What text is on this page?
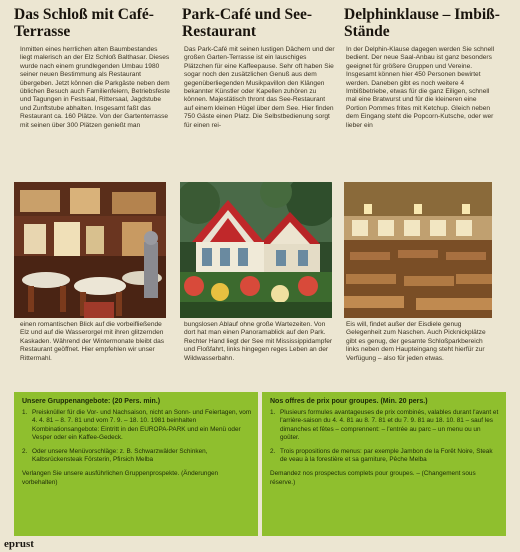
Das Schloß mit Café-Terrasse
Park-Café und See-Restaurant
Delphinklause – Imbiß-Stände
Inmitten eines herrlichen alten Baumbestandes liegt malerisch an der Elz Schloß Balthasar. Dieses wurde nach einem grundlegenden Umbau 1980 seiner neuen Bestimmung als Restaurant übergeben. Jetzt können die Parkgäste neben dem üblichen Besuch auch Familienfeiern, Betriebsfeste und Tagungen in Festsaal, Rittersaal, Jagdstube und Zunftstube abhalten. Insgesamt faßt das Restaurant ca. 160 Plätze. Von der Gartenterrasse mit seinen über 300 Plätzen genießt man
Das Park-Café mit seinen lustigen Dächern und der großen Garten-Terrasse ist ein lauschiges Plätzchen für eine Kaffeepause. Sehr oft haben Sie sogar noch den zusätzlichen Genuß aus dem gegenüberliegenden Musikpavillon den Klängen bekannter Künstler oder Kapellen zuhören zu können. Majestätisch thront das See-Restaurant auf einem kleinen Hügel über dem See. Hier finden 750 Gäste einen Platz. Die Selbstbedienung sorgt für einen rei-
In der Delphin-Klause dagegen werden Sie schnell bedient. Der neue Saal-Anbau ist ganz besonders geeignet für größere Gruppen und Vereine. Insgesamt können hier 450 Personen bewirtet werden. Daneben gibt es noch weitere 4 Imbißbetriebe, etwas für die ganz Eiligen, schnell mal eine Bratwurst und für die kleineren eine Portion Pommes frites mit Ketchup. Gleich neben dem Eingang steht die Popcorn-Kutsche, oder wer lieber ein
einen romantischen Blick auf die vorbeifließende Elz und auf die Wasserorgel mit ihren glitzernden Kaskaden. Während der Wintermonate bleibt das Restaurant geöffnet. Hier empfehlen wir unser Rittermahl.
bungslosen Ablauf ohne große Wartezeiten. Von dort hat man einen Panoramablick auf den Park. Rechter Hand liegt der See mit Mississippidampfer und Floßfahrt, links hingegen reges Leben an der Wildwasserbahn.
Eis will, findet außer der Eisdiele genug Gelegenheit zum Naschen. Auch Picknickplätze gibt es genug, der gesamte Schloßparkbereich links neben dem Haupteingang steht hierfür zur Verfügung – also für jeden etwas.
Unsere Gruppenangebote: (20 Pers. min.)
1. Preisknüller für die Vor- und Nachsaison, nicht an Sonn- und Feiertagen, vom 4. 4. 81 – 8. 7. 81 und vom 7. 9. – 18. 10. 1981 beinhalten Kombinationsangebote: Eintritt in den EUROPA-PARK und ein Menü oder Vesper oder ein Kaffee-Gedeck.
2. Oder unsere Menüvorschläge: z. B. Schwarzwälder Schinken, Kalbsrückensteak Försterin, Pfirsich Melba
Verlangen Sie unsere ausführlichen Gruppenprospekte. (Änderungen vorbehalten)
Nos offres de prix pour groupes. (Min. 20 pers.)
1. Plusieurs formules avantageuses de prix combinés, valables durant l'avant et l'arrière-saison du 4. 4. 81 au 8. 7. 81 et du 7. 9. 81 au 18. 10. 81 – sauf les dimanches et fêtes – comprennent: – l'entrée au parc – un menu ou un goûter.
2. Trois propositions de menus: par exemple Jambon de la Forêt Noire, Steak de veau à la forestière et sa garniture, Pêche Melba
Demandez nos prospectus complets pour groupes. – (Changement sous réserve.)
eprust
